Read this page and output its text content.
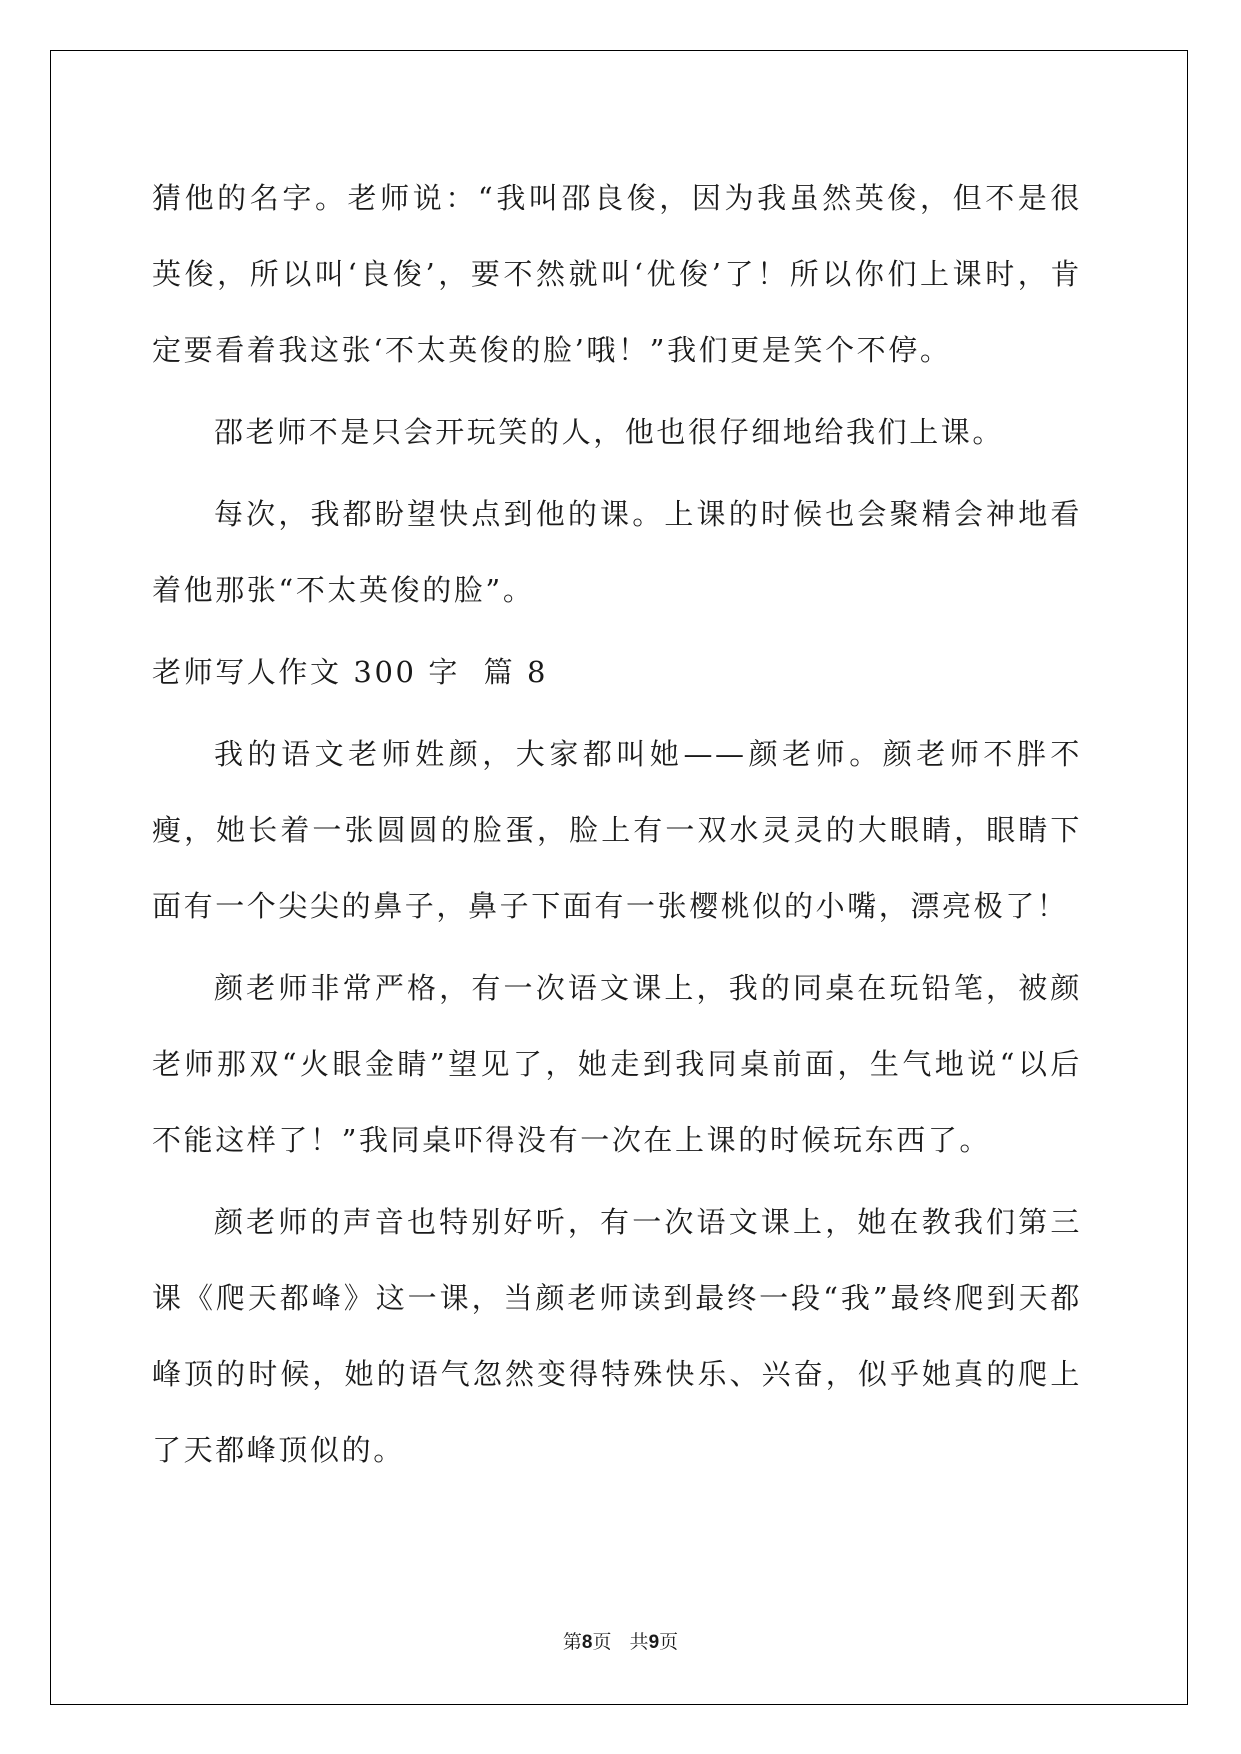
猜他的名字。老师说：“我叫邵良俊，因为我虽然英俊，但不是很英俊，所以叫‘良俊’，要不然就叫‘优俊’了！所以你们上课时，肯定要看着我这张‘不太英俊的脸’哦！”我们更是笑个不停。

邵老师不是只会开玩笑的人，他也很仔细地给我们上课。

每次，我都盼望快点到他的课。上课的时候也会聚精会神地看着他那张“不太英俊的脸”。

老师写人作文 300 字  篇 8

我的语文老师姓颜，大家都叫她——颜老师。颜老师不胖不瘦，她长着一张圆圆的脸蛋，脸上有一双水灵灵的大眼睛，眼睛下面有一个尖尖的鼻子，鼻子下面有一张樱桃似的小嘴，漂亮极了！

颜老师非常严格，有一次语文课上，我的同桌在玩铅笔，被颜老师那双“火眼金睛”望见了，她走到我同桌前面，生气地说“以后不能这样了！”我同桌吓得没有一次在上课的时候玩东西了。

颜老师的声音也特别好听，有一次语文课上，她在教我们第三课《爬天都峰》这一课，当颜老师读到最终一段“我”最终爬到天都峰顶的时候，她的语气忽然变得特殊快乐、兴奋，似乎她真的爬上了天都峰顶似的。

第8页   共9页
